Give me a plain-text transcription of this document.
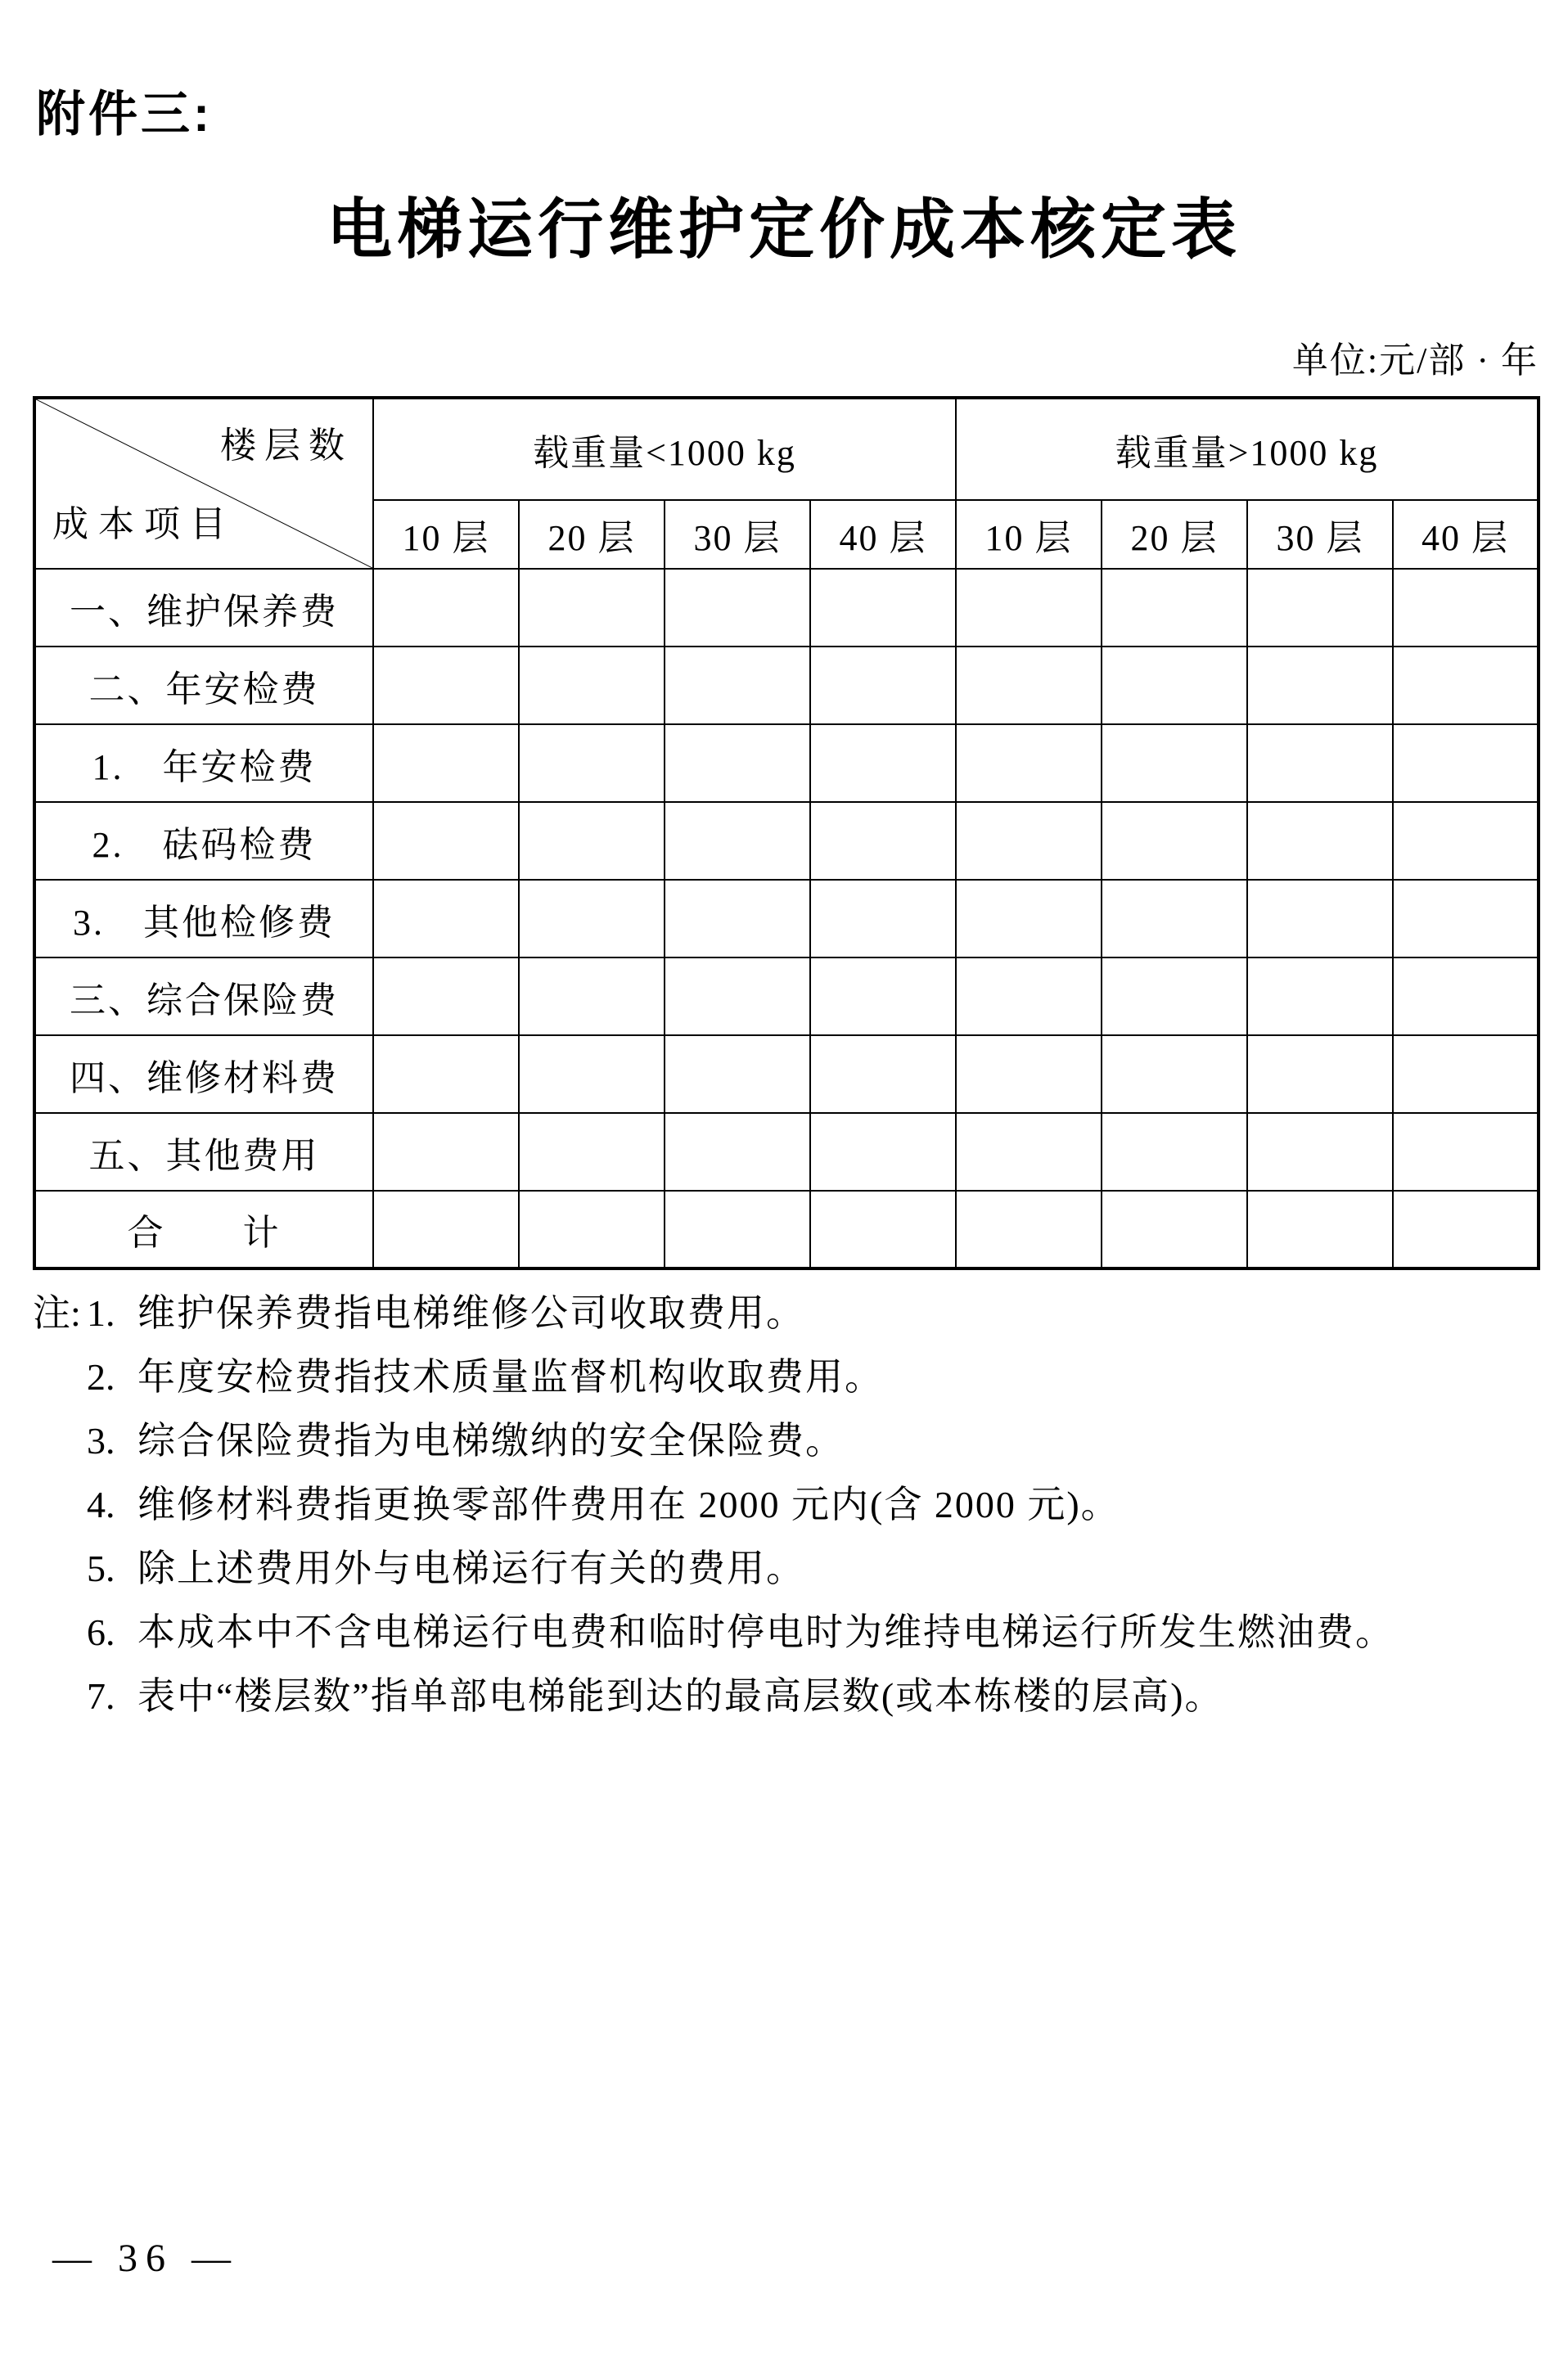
附件三:
电梯运行维护定价成本核定表
单位:元/部 · 年
楼层数
成本项目	载重量<1000 kg				载重量>1000 kg			
	10 层	20 层	30 层	40 层	10 层	20 层	30 层	40 层
一、维护保养费								
二、年安检费								
1.　年安检费								
2.　砝码检费								
3.　其他检修费								
三、综合保险费								
四、维修材料费								
五、其他费用								
合　　计								
注: 1. 维护保养费指电梯维修公司收取费用。
2. 年度安检费指技术质量监督机构收取费用。
3. 综合保险费指为电梯缴纳的安全保险费。
4. 维修材料费指更换零部件费用在 2000 元内(含 2000 元)。
5. 除上述费用外与电梯运行有关的费用。
6. 本成本中不含电梯运行电费和临时停电时为维持电梯运行所发生燃油费。
7. 表中“楼层数”指单部电梯能到达的最高层数(或本栋楼的层高)。
— 36 —
